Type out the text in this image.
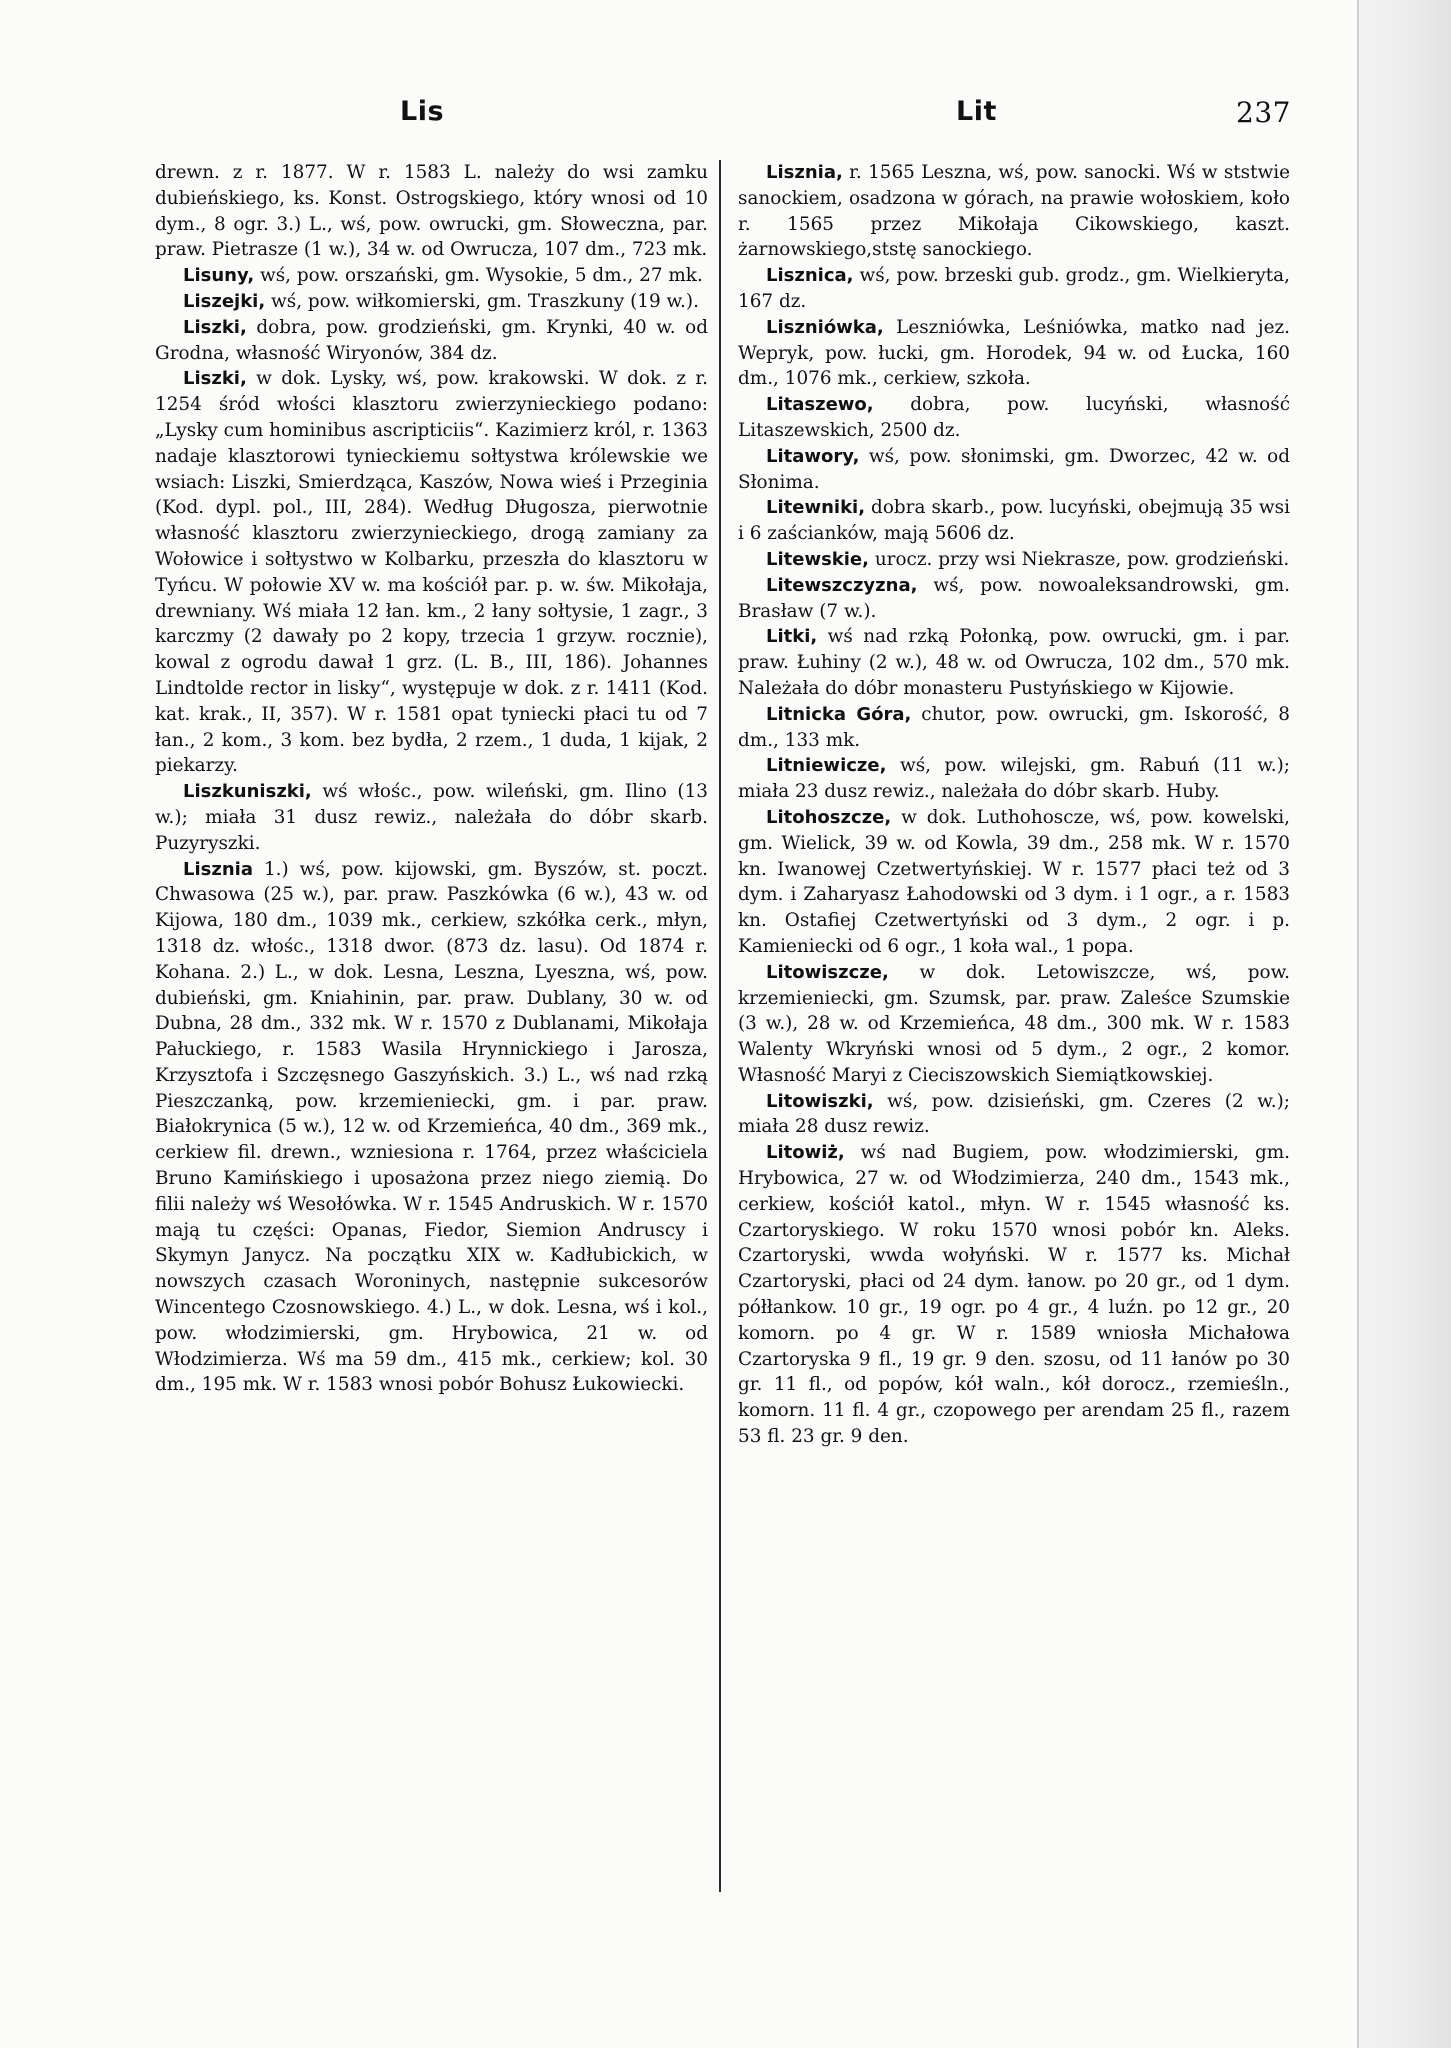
Lis	Lit	237

drewn. z r. 1877. W r. 1583 L. należy do wsi zamku dubieńskiego, ks. Konst. Ostrogskiego, który wnosi od 10 dym., 8 ogr. 3.) L., wś, pow. owrucki, gm. Słoweczna, par. praw. Pietrasze (1 w.), 34 w. od Owrucza, 107 dm., 723 mk.

Lisuny, wś, pow. orszański, gm. Wysokie, 5 dm., 27 mk.

Liszejki, wś, pow. wiłkomierski, gm. Traszkuny (19 w.).

Liszki, dobra, pow. grodzieński, gm. Krynki, 40 w. od Grodna, własność Wiryonów, 384 dz.

Liszki, w dok. Lysky, wś, pow. krakowski. W dok. z r. 1254 śród włości klasztoru zwierzynieckiego podano: „Lysky cum hominibus ascripticiis“. Kazimierz król, r. 1363 nadaje klasztorowi tynieckiemu sołtystwa królewskie we wsiach: Liszki, Smierdząca, Kaszów, Nowa wieś i Przeginia (Kod. dypl. pol., III, 284). Według Długosza, pierwotnie własność klasztoru zwierzynieckiego, drogą zamiany za Wołowice i sołtystwo w Kolbarku, przeszła do klasztoru w Tyńcu. W połowie XV w. ma kościół par. p. w. św. Mikołaja, drewniany. Wś miała 12 łan. km., 2 łany sołtysie, 1 zagr., 3 karczmy (2 dawały po 2 kopy, trzecia 1 grzyw. rocznie), kowal z ogrodu dawał 1 grz. (L. B., III, 186). Johannes Lindtolde rector in lisky“, występuje w dok. z r. 1411 (Kod. kat. krak., II, 357). W r. 1581 opat tyniecki płaci tu od 7 łan., 2 kom., 3 kom. bez bydła, 2 rzem., 1 duda, 1 kijak, 2 piekarzy.

Liszkuniszki, wś włośc., pow. wileński, gm. Ilino (13 w.); miała 31 dusz rewiz., należała do dóbr skarb. Puzyryszki.

Lisznia 1.) wś, pow. kijowski, gm. Byszów, st. poczt. Chwasowa (25 w.), par. praw. Paszkówka (6 w.), 43 w. od Kijowa, 180 dm., 1039 mk., cerkiew, szkółka cerk., młyn, 1318 dz. włośc., 1318 dwor. (873 dz. lasu). Od 1874 r. Kohana. 2.) L., w dok. Lesna, Leszna, Lyeszna, wś, pow. dubieński, gm. Kniahinin, par. praw. Dublany, 30 w. od Dubna, 28 dm., 332 mk. W r. 1570 z Dublanami, Mikołaja Pałuckiego, r. 1583 Wasila Hrynnickiego i Jarosza, Krzysztofa i Szczęsnego Gaszyńskich. 3.) L., wś nad rzką Pieszczanką, pow. krzemieniecki, gm. i par. praw. Białokrynica (5 w.), 12 w. od Krzemieńca, 40 dm., 369 mk., cerkiew fil. drewn., wzniesiona r. 1764, przez właściciela Bruno Kamińskiego i uposażona przez niego ziemią. Do filii należy wś Wesołówka. W r. 1545 Andruskich. W r. 1570 mają tu części: Opanas, Fiedor, Siemion Andruscy i Skymyn Janycz. Na początku XIX w. Kadłubickich, w nowszych czasach Woroninych, następnie sukcesorów Wincentego Czosnowskiego. 4.) L., w dok. Lesna, wś i kol., pow. włodzimierski, gm. Hrybowica, 21 w. od Włodzimierza. Wś ma 59 dm., 415 mk., cerkiew; kol. 30 dm., 195 mk. W r. 1583 wnosi pobór Bohusz Łukowiecki.

Lisznia, r. 1565 Leszna, wś, pow. sanocki. Wś w ststwie sanockiem, osadzona w górach, na prawie wołoskiem, koło r. 1565 przez Mikołaja Cikowskiego, kaszt. żarnowskiego,ststę sanockiego.

Lisznica, wś, pow. brzeski gub. grodz., gm. Wielkieryta, 167 dz.

Liszniówka, Leszniówka, Leśniówka, matko nad jez. Wepryk, pow. łucki, gm. Horodek, 94 w. od Łucka, 160 dm., 1076 mk., cerkiew, szkoła.

Litaszewo, dobra, pow. lucyński, własność Litaszewskich, 2500 dz.

Litawory, wś, pow. słonimski, gm. Dworzec, 42 w. od Słonima.

Litewniki, dobra skarb., pow. lucyński, obejmują 35 wsi i 6 zaścianków, mają 5606 dz.

Litewskie, urocz. przy wsi Niekrasze, pow. grodzieński.

Litewszczyzna, wś, pow. nowoaleksandrowski, gm. Brasław (7 w.).

Litki, wś nad rzką Połonką, pow. owrucki, gm. i par. praw. Łuhiny (2 w.), 48 w. od Owrucza, 102 dm., 570 mk. Należała do dóbr monasteru Pustyńskiego w Kijowie.

Litnicka Góra, chutor, pow. owrucki, gm. Iskorość, 8 dm., 133 mk.

Litniewicze, wś, pow. wilejski, gm. Rabuń (11 w.); miała 23 dusz rewiz., należała do dóbr skarb. Huby.

Litohoszcze, w dok. Luthohoscze, wś, pow. kowelski, gm. Wielick, 39 w. od Kowla, 39 dm., 258 mk. W r. 1570 kn. Iwanowej Czetwertyńskiej. W r. 1577 płaci też od 3 dym. i Zaharyasz Łahodowski od 3 dym. i 1 ogr., a r. 1583 kn. Ostafiej Czetwertyński od 3 dym., 2 ogr. i p. Kamieniecki od 6 ogr., 1 koła wal., 1 popa.

Litowiszcze, w dok. Letowiszcze, wś, pow. krzemieniecki, gm. Szumsk, par. praw. Zaleśce Szumskie (3 w.), 28 w. od Krzemieńca, 48 dm., 300 mk. W r. 1583 Walenty Wkryński wnosi od 5 dym., 2 ogr., 2 komor. Własność Maryi z Cieciszowskich Siemiątkowskiej.

Litowiszki, wś, pow. dzisieński, gm. Czeres (2 w.); miała 28 dusz rewiz.

Litowiż, wś nad Bugiem, pow. włodzimierski, gm. Hrybowica, 27 w. od Włodzimierza, 240 dm., 1543 mk., cerkiew, kościół katol., młyn. W r. 1545 własność ks. Czartoryskiego. W roku 1570 wnosi pobór kn. Aleks. Czartoryski, wwda wołyński. W r. 1577 ks. Michał Czartoryski, płaci od 24 dym. łanow. po 20 gr., od 1 dym. półłankow. 10 gr., 19 ogr. po 4 gr., 4 luźn. po 12 gr., 20 komorn. po 4 gr. W r. 1589 wniosła Michałowa Czartoryska 9 fl., 19 gr. 9 den. szosu, od 11 łanów po 30 gr. 11 fl., od popów, kół waln., kół dorocz., rzemieśln., komorn. 11 fl. 4 gr., czopowego per arendam 25 fl., razem 53 fl. 23 gr. 9 den.
